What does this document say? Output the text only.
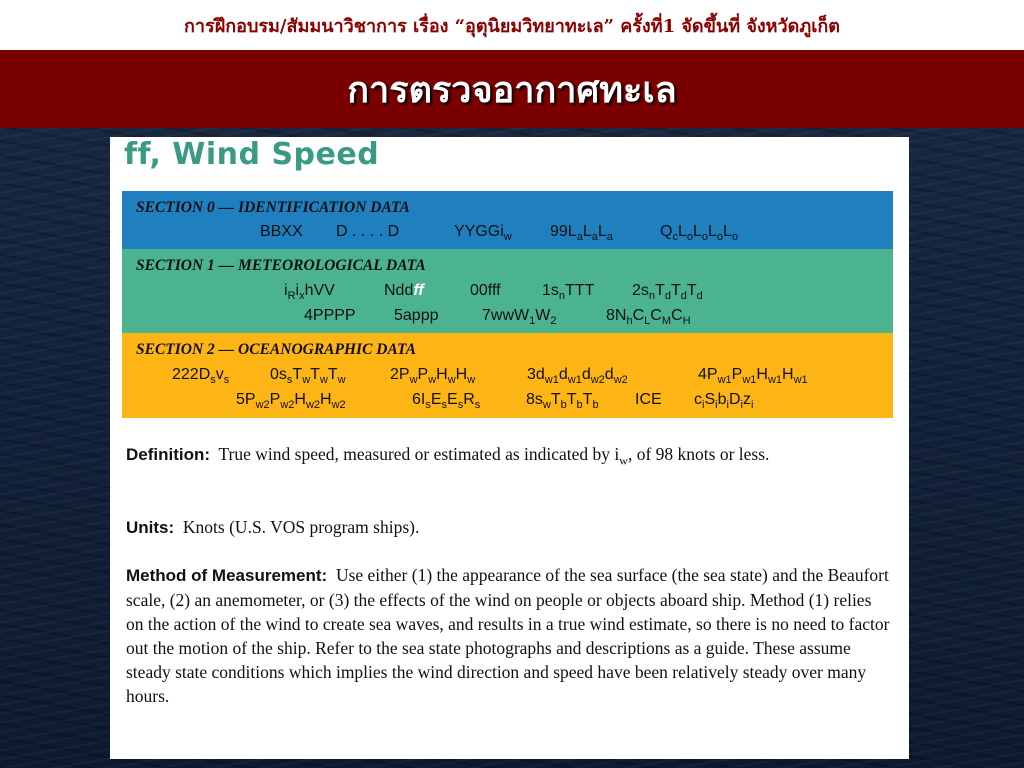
การฝึกอบรม/สัมมนาวิชาการ เรื่อง “อุตุนิยมวิทยาทะเล” ครั้งที่1 จัดขึ้นที่ จังหวัดภูเก็ต
การตรวจอากาศทะเล
ff, Wind Speed
SECTION 0 — IDENTIFICATION DATA
BBXX D . . . . D	YYGGi$_w$ $99L_aL_aL_a$	$Q_cL_oL_oL_oL_o$
SECTION 1 — METEOROLOGICAL DATA
$i_Ri_xhVV$	Nddff	00fff	$1s_nTTT$ $2s_nT_dT_dT_d$
4PPPP 5appp	$7wwW_1W_2$	$8N_hC_LC_MC_H$
SECTION 2 — OCEANOGRAPHIC DATA
$222D_sv_s$	$0s_sT_wT_wT_w$	$2P_wP_wH_wH_w$	$3d_{w1}d_{w1}d_{w2}d_{w2}$	$4P_{w1}P_{w1}H_{w1}H_{w1}$
$5P_{w2}P_{w2}H_{w2}H_{w2}$	$6I_sE_sE_sR_s$	$8s_wT_bT_bT_b$ ICE $c_iS_ib_iD_iz_i$
Definition: True wind speed, measured or estimated as indicated by $i_w$, of 98 knots or less.
Units: Knots (U.S. VOS program ships).
Method of Measurement: Use either (1) the appearance of the sea surface (the sea state) and the Beaufort scale, (2) an anemometer, or (3) the effects of the wind on people or objects aboard ship. Method (1) relies on the action of the wind to create sea waves, and results in a true wind estimate, so there is no need to factor out the motion of the ship. Refer to the sea state photographs and descriptions as a guide. These assume steady state conditions which implies the wind direction and speed have been relatively steady over many hours.
